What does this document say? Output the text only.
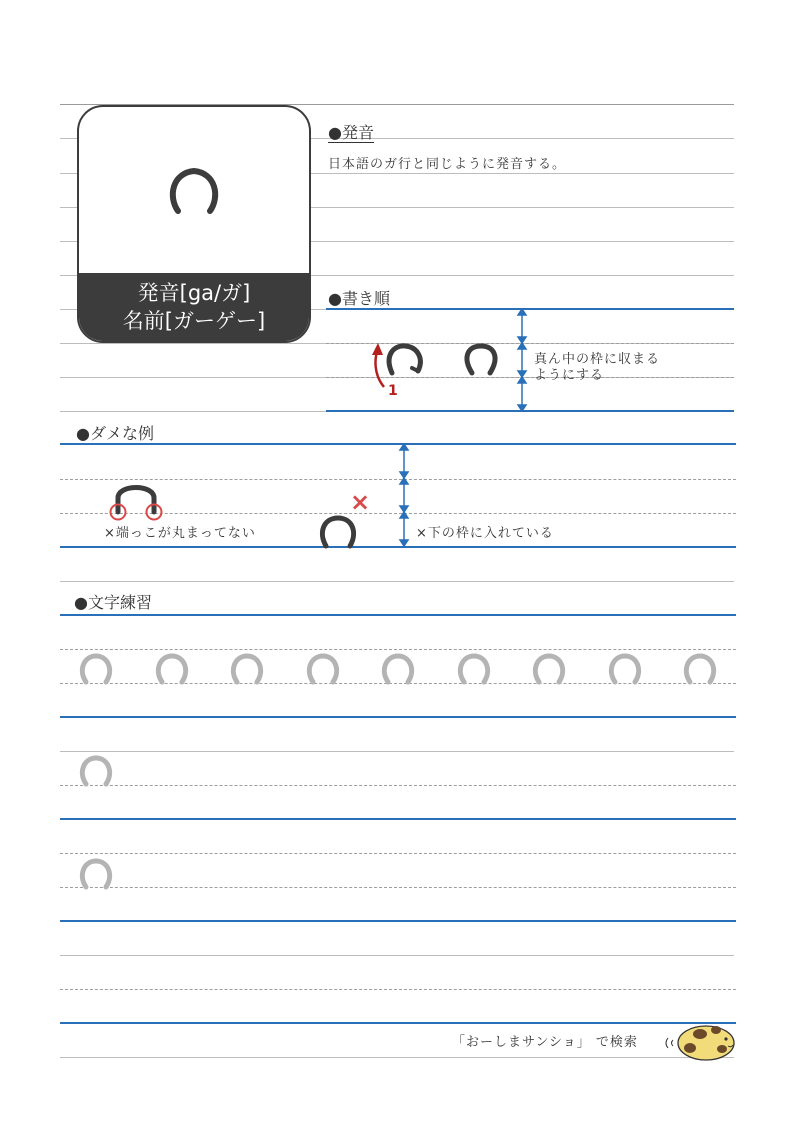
発音[ga/ガ]
名前[ガーゲー]
●発音
日本語のガ行と同じように発音する。
●書き順
1
真ん中の枠に収まる
ようにする
●ダメな例
×端っこが丸まってない
×
×下の枠に入れている
●文字練習
「おーしまサンショ」 で検索
